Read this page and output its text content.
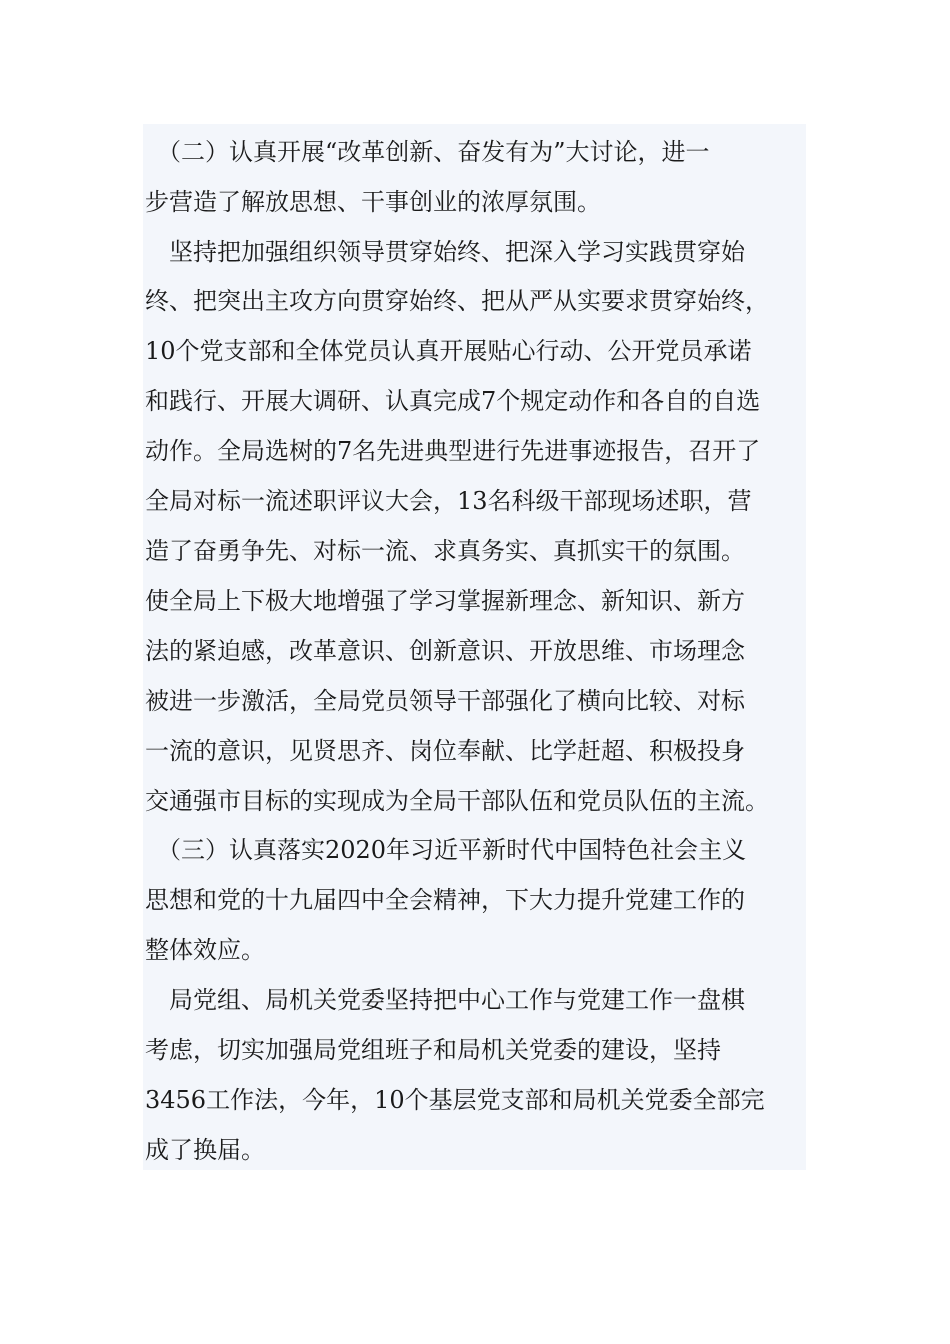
　（二）认真开展“改革创新、奋发有为”大讨论，进一
步营造了解放思想、干事创业的浓厚氛围。
　坚持把加强组织领导贯穿始终、把深入学习实践贯穿始
终、把突出主攻方向贯穿始终、把从严从实要求贯穿始终，
10个党支部和全体党员认真开展贴心行动、公开党员承诺
和践行、开展大调研、认真完成7个规定动作和各自的自选
动作。全局选树的7名先进典型进行先进事迹报告，召开了
全局对标一流述职评议大会，13名科级干部现场述职，营
造了奋勇争先、对标一流、求真务实、真抓实干的氛围。
使全局上下极大地增强了学习掌握新理念、新知识、新方
法的紧迫感，改革意识、创新意识、开放思维、市场理念
被进一步激活，全局党员领导干部强化了横向比较、对标
一流的意识，见贤思齐、岗位奉献、比学赶超、积极投身
交通强市目标的实现成为全局干部队伍和党员队伍的主流。
　（三）认真落实2020年习近平新时代中国特色社会主义
思想和党的十九届四中全会精神，下大力提升党建工作的
整体效应。
　局党组、局机关党委坚持把中心工作与党建工作一盘棋
考虑，切实加强局党组班子和局机关党委的建设，坚持
3456工作法，今年，10个基层党支部和局机关党委全部完
成了换届。
